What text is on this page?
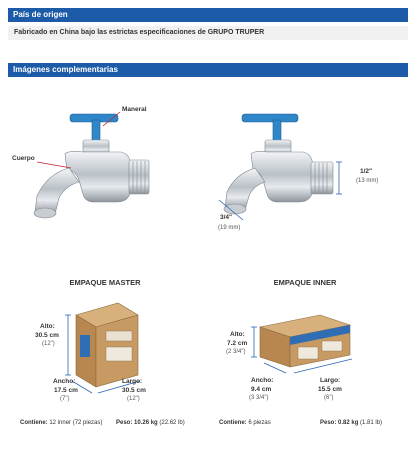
País de origen
Fabricado en China bajo las estrictas especificaciones de GRUPO TRUPER
Imágenes complementarias
Maneral
Cuerpo
1/2"
(13 mm)
3/4"
(19 mm)
EMPAQUE MASTER
Alto:
30.5 cm
(12")
Ancho:
17.5 cm
(7")
Largo:
30.5 cm
(12")
EMPAQUE INNER
Alto:
7.2 cm
(2 3/4")
Ancho:
9.4 cm
(3 3/4")
Largo:
15.5 cm
(6")
Contiene: 12 inner (72 piezas) Peso: 10.26 kg (22.62 lb)	Contiene: 6 piezas	Peso: 0.82 kg (1.81 lb)
